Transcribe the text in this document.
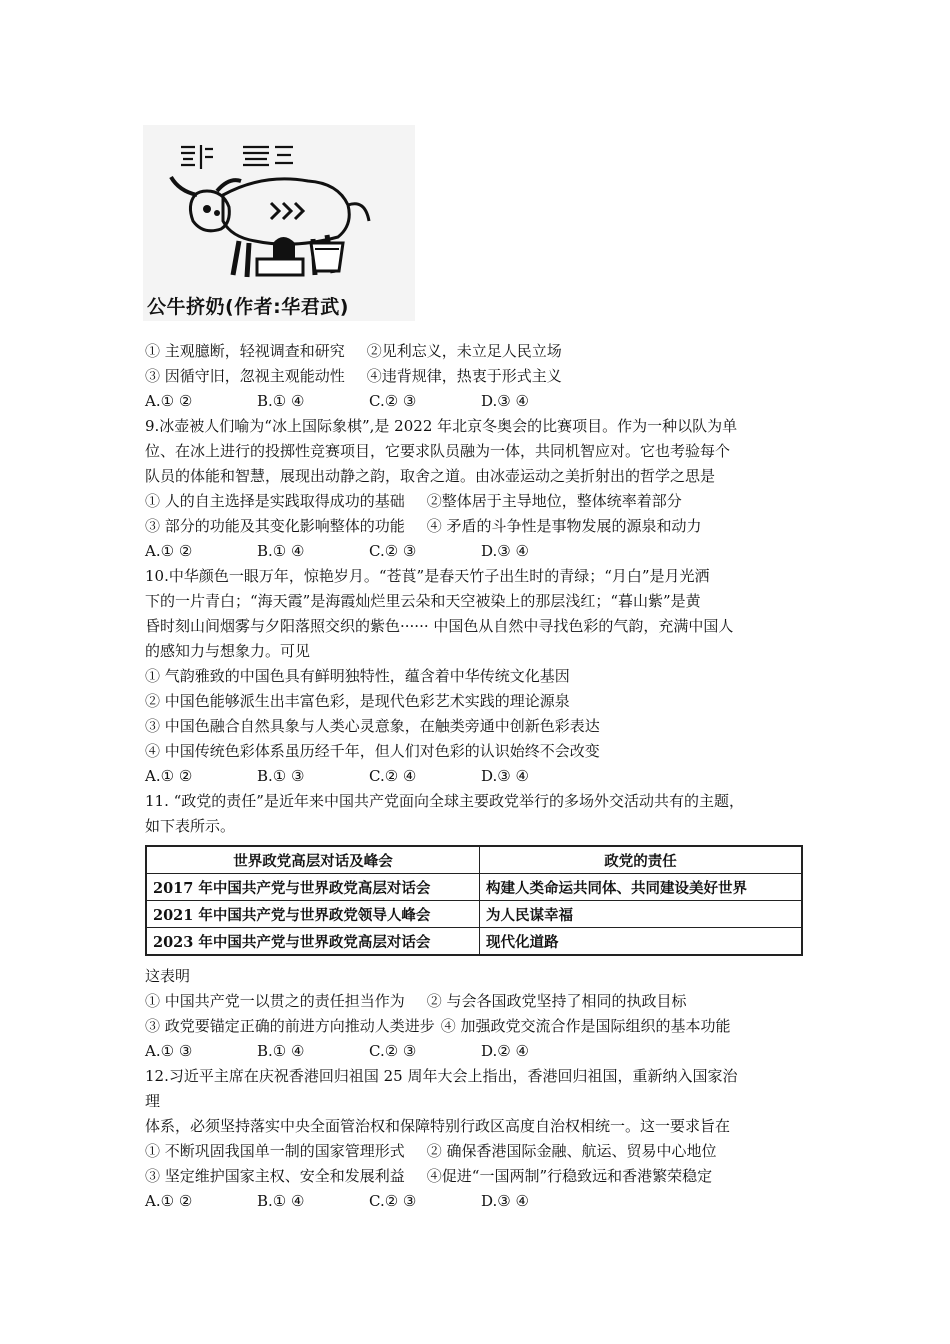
公牛挤奶(作者:华君武)
① 主观臆断，轻视调查和研究 ②见利忘义，未立足人民立场
③ 因循守旧，忽视主观能动性 ④违背规律，热衷于形式主义
A.① ②	B.① ④	C.② ③	D.③ ④
9.冰壶被人们喻为“冰上国际象棋”,是 2022 年北京冬奥会的比赛项目。作为一种以队为单
位、在冰上进行的投掷性竞赛项目，它要求队员融为一体，共同机智应对。它也考验每个
队员的体能和智慧，展现出动静之韵，取舍之道。由冰壶运动之美折射出的哲学之思是
① 人的自主选择是实践取得成功的基础 ②整体居于主导地位，整体统率着部分
③ 部分的功能及其变化影响整体的功能 ④ 矛盾的斗争性是事物发展的源泉和动力
A.① ②	B.① ④	C.② ③	D.③ ④
10.中华颜色一眼万年，惊艳岁月。“苍莨”是春天竹子出生时的青绿；“月白”是月光洒
下的一片青白；“海天霞”是海霞灿烂里云朵和天空被染上的那层浅红；“暮山紫”是黄
昏时刻山间烟雾与夕阳落照交织的紫色······ 中国色从自然中寻找色彩的气韵，充满中国人
的感知力与想象力。可见
① 气韵雅致的中国色具有鲜明独特性，蕴含着中华传统文化基因
② 中国色能够派生出丰富色彩，是现代色彩艺术实践的理论源泉
③ 中国色融合自然具象与人类心灵意象，在触类旁通中创新色彩表达
④ 中国传统色彩体系虽历经千年，但人们对色彩的认识始终不会改变
A.① ②	B.① ③	C.② ④	D.③ ④
11. “政党的责任”是近年来中国共产党面向全球主要政党举行的多场外交活动共有的主题，
如下表所示。
世界政党高层对话及峰会	政党的责任
2017 年中国共产党与世界政党高层对话会	构建人类命运共同体、共同建设美好世界
2021 年中国共产党与世界政党领导人峰会	为人民谋幸福
2023 年中国共产党与世界政党高层对话会	现代化道路
这表明
① 中国共产党一以贯之的责任担当作为 ② 与会各国政党坚持了相同的执政目标
③ 政党要锚定正确的前进方向推动人类进步 ④ 加强政党交流合作是国际组织的基本功能
A.① ③	B.① ④	C.② ③	D.② ④
12.习近平主席在庆祝香港回归祖国 25 周年大会上指出，香港回归祖国，重新纳入国家治
理
体系，必须坚持落实中央全面管治权和保障特别行政区高度自治权相统一。这一要求旨在
① 不断巩固我国单一制的国家管理形式 ② 确保香港国际金融、航运、贸易中心地位
③ 坚定维护国家主权、安全和发展利益 ④促进“一国两制”行稳致远和香港繁荣稳定
A.① ②	B.① ④	C.② ③	D.③ ④
